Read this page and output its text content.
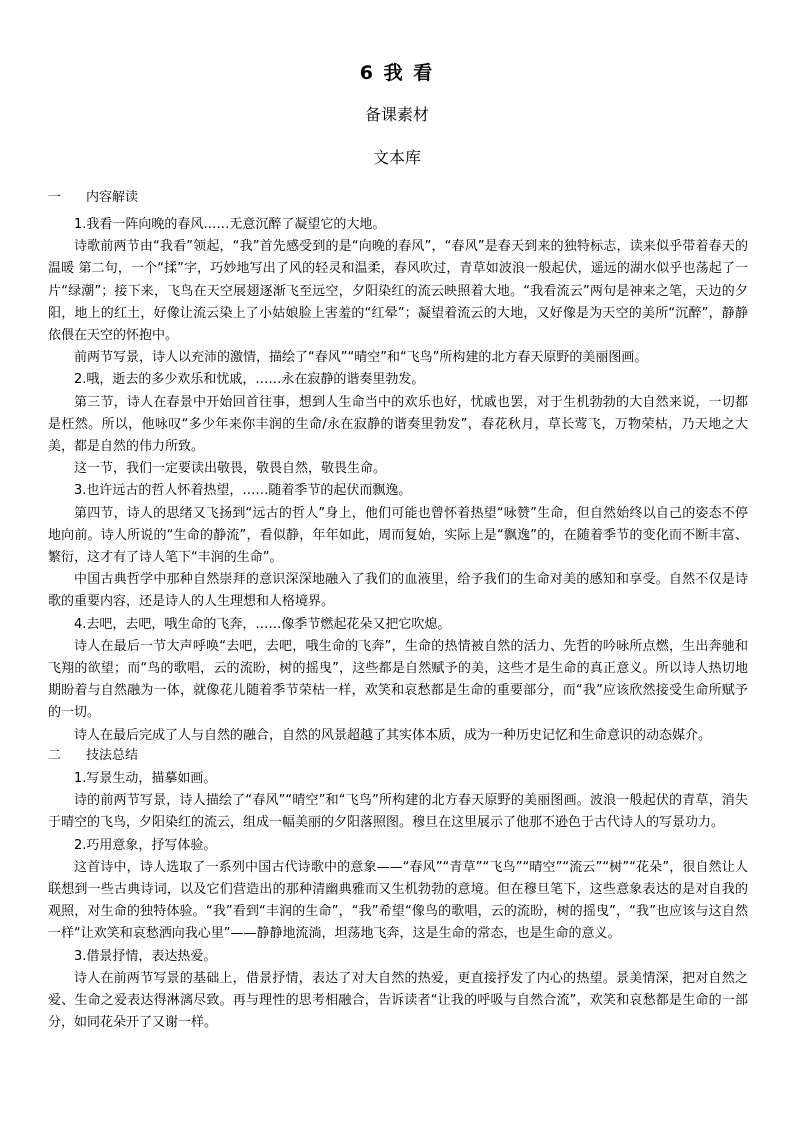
6 我 看
备课素材
文本库
一 内容解读

1.我看一阵向晚的春风……无意沉醉了凝望它的大地。

诗歌前两节由“我看”领起，“我”首先感受到的是“向晚的春风”，“春风”是春天到来的独特标志，读来似乎带着春天的温暖 第二句，一个“揉”字，巧妙地写出了风的轻灵和温柔，春风吹过，青草如波浪一般起伏，遥远的湖水似乎也荡起了一片“绿潮”；接下来，飞鸟在天空展翅逐渐飞至远空，夕阳染红的流云映照着大地。“我看流云”两句是神来之笔，天边的夕阳，地上的红土，好像让流云染上了小姑娘脸上害羞的“红晕”；凝望着流云的大地，又好像是为天空的美所“沉醉”，静静依偎在天空的怀抱中。

前两节写景，诗人以充沛的激情，描绘了“春风”“晴空”和“飞鸟”所构建的北方春天原野的美丽图画。

2.哦，逝去的多少欢乐和忧戚，……永在寂静的谐奏里勃发。

第三节，诗人在春景中开始回首往事，想到人生命当中的欢乐也好，忧戚也罢，对于生机勃勃的大自然来说，一切都是枉然。所以，他咏叹“多少年来你丰润的生命/永在寂静的谐奏里勃发”，春花秋月，草长莺飞，万物荣枯，乃天地之大美，都是自然的伟力所致。

这一节，我们一定要读出敬畏，敬畏自然，敬畏生命。

3.也许远古的哲人怀着热望，……随着季节的起伏而飘逸。

第四节，诗人的思绪又飞扬到“远古的哲人”身上，他们可能也曾怀着热望“咏赞”生命，但自然始终以自己的姿态不停地向前。诗人所说的“生命的静流”，看似静，年年如此，周而复始，实际上是“飘逸”的，在随着季节的变化而不断丰富、繁衍，这才有了诗人笔下“丰润的生命”。

中国古典哲学中那种自然崇拜的意识深深地融入了我们的血液里，给予我们的生命对美的感知和享受。自然不仅是诗歌的重要内容，还是诗人的人生理想和人格境界。

4.去吧，去吧，哦生命的飞奔，……像季节燃起花朵又把它吹熄。

诗人在最后一节大声呼唤“去吧，去吧，哦生命的飞奔”，生命的热情被自然的活力、先哲的吟咏所点燃，生出奔驰和飞翔的欲望；而“鸟的歌唱，云的流盼，树的摇曳”，这些都是自然赋予的美，这些才是生命的真正意义。所以诗人热切地期盼着与自然融为一体，就像花儿随着季节荣枯一样，欢笑和哀愁都是生命的重要部分，而“我”应该欣然接受生命所赋予的一切。

诗人在最后完成了人与自然的融合，自然的风景超越了其实体本质，成为一种历史记忆和生命意识的动态媒介。

二 技法总结

1.写景生动，描摹如画。

诗的前两节写景，诗人描绘了“春风”“晴空”和“飞鸟”所构建的北方春天原野的美丽图画。波浪一般起伏的青草，消失于晴空的飞鸟，夕阳染红的流云，组成一幅美丽的夕阳落照图。穆旦在这里展示了他那不逊色于古代诗人的写景功力。

2.巧用意象，抒写体验。

这首诗中，诗人选取了一系列中国古代诗歌中的意象——“春风”“青草”“飞鸟”“晴空”“流云”“树”“花朵”，很自然让人联想到一些古典诗词，以及它们营造出的那种清幽典雅而又生机勃勃的意境。但在穆旦笔下，这些意象表达的是对自我的观照，对生命的独特体验。“我”看到“丰润的生命”，“我”希望“像鸟的歌唱，云的流盼，树的摇曳”，“我”也应该与这自然一样“让欢笑和哀愁洒向我心里”——静静地流淌，坦荡地飞奔，这是生命的常态，也是生命的意义。

3.借景抒情，表达热爱。

诗人在前两节写景的基础上，借景抒情，表达了对大自然的热爱，更直接抒发了内心的热望。景美情深，把对自然之爱、生命之爱表达得淋漓尽致。再与理性的思考相融合，告诉读者“让我的呼吸与自然合流”，欢笑和哀愁都是生命的一部分，如同花朵开了又谢一样。
